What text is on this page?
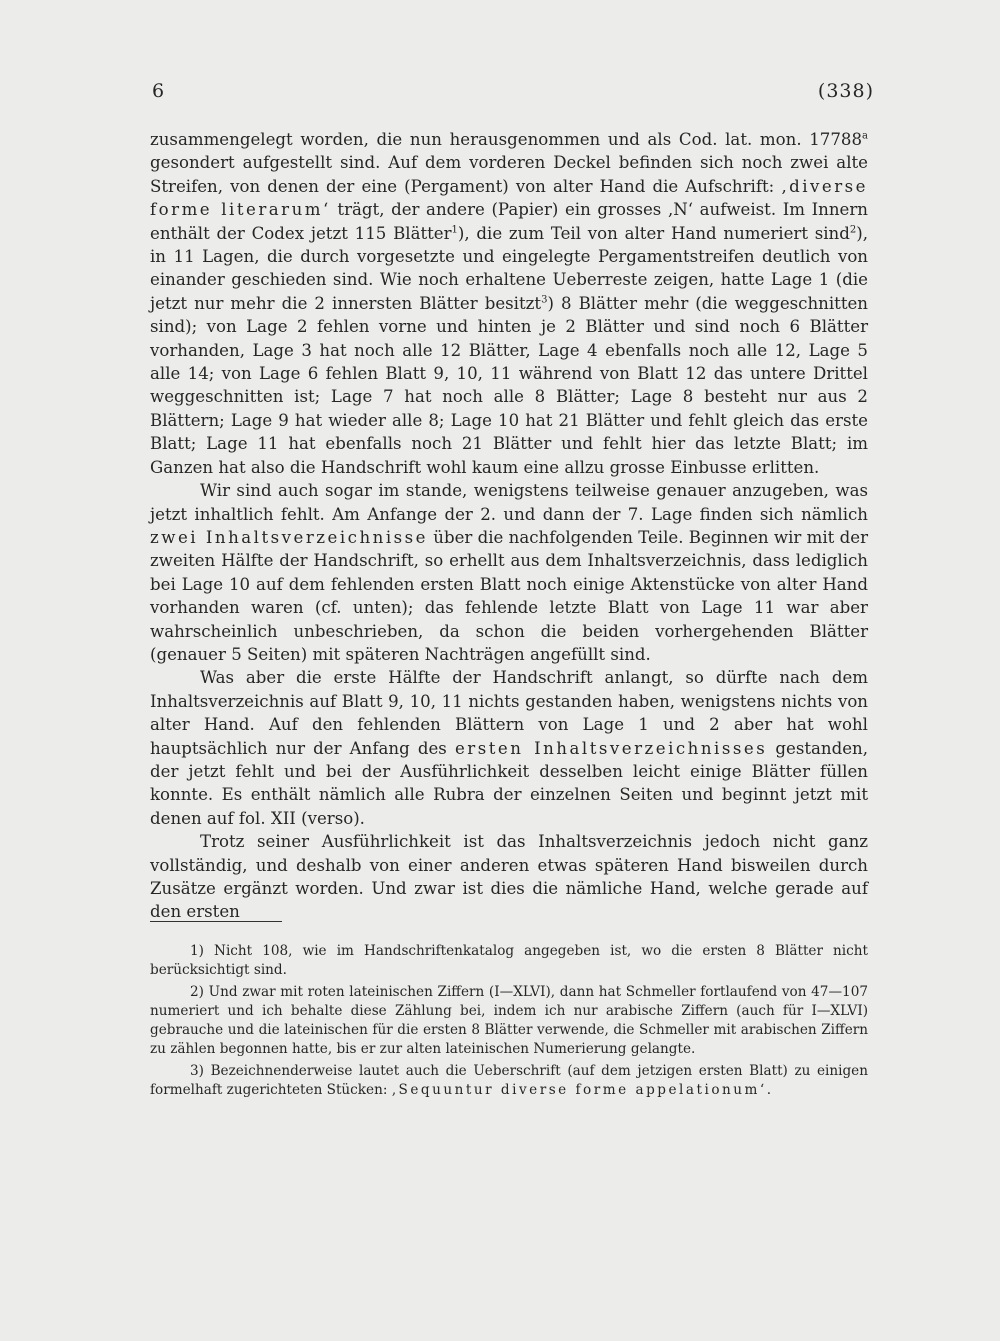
6	(338)

zusammengelegt worden, die nun herausgenommen und als Cod. lat. mon. 17788$^a$ gesondert aufgestellt sind. Auf dem vorderen Deckel befinden sich noch zwei alte Streifen, von denen der eine (Pergament) von alter Hand die Aufschrift: ‚diverse forme literarum‘ trägt, der andere (Papier) ein grosses ‚N‘ aufweist. Im Innern enthält der Codex jetzt 115 Blätter$^1$), die zum Teil von alter Hand numeriert sind$^2$), in 11 Lagen, die durch vorgesetzte und eingelegte Pergamentstreifen deutlich von einander geschieden sind. Wie noch erhaltene Ueberreste zeigen, hatte Lage 1 (die jetzt nur mehr die 2 innersten Blätter besitzt$^3$) 8 Blätter mehr (die weggeschnitten sind); von Lage 2 fehlen vorne und hinten je 2 Blätter und sind noch 6 Blätter vorhanden, Lage 3 hat noch alle 12 Blätter, Lage 4 ebenfalls noch alle 12, Lage 5 alle 14; von Lage 6 fehlen Blatt 9, 10, 11 während von Blatt 12 das untere Drittel weggeschnitten ist; Lage 7 hat noch alle 8 Blätter; Lage 8 besteht nur aus 2 Blättern; Lage 9 hat wieder alle 8; Lage 10 hat 21 Blätter und fehlt gleich das erste Blatt; Lage 11 hat ebenfalls noch 21 Blätter und fehlt hier das letzte Blatt; im Ganzen hat also die Handschrift wohl kaum eine allzu grosse Einbusse erlitten.

Wir sind auch sogar im stande, wenigstens teilweise genauer anzugeben, was jetzt inhaltlich fehlt. Am Anfange der 2. und dann der 7. Lage finden sich nämlich zwei Inhaltsverzeichnisse über die nachfolgenden Teile. Beginnen wir mit der zweiten Hälfte der Handschrift, so erhellt aus dem Inhaltsverzeichnis, dass lediglich bei Lage 10 auf dem fehlenden ersten Blatt noch einige Aktenstücke von alter Hand vorhanden waren (cf. unten); das fehlende letzte Blatt von Lage 11 war aber wahrscheinlich unbeschrieben, da schon die beiden vorhergehenden Blätter (genauer 5 Seiten) mit späteren Nachträgen angefüllt sind.

Was aber die erste Hälfte der Handschrift anlangt, so dürfte nach dem Inhaltsverzeichnis auf Blatt 9, 10, 11 nichts gestanden haben, wenigstens nichts von alter Hand. Auf den fehlenden Blättern von Lage 1 und 2 aber hat wohl hauptsächlich nur der Anfang des ersten Inhaltsverzeichnisses gestanden, der jetzt fehlt und bei der Ausführlichkeit desselben leicht einige Blätter füllen konnte. Es enthält nämlich alle Rubra der einzelnen Seiten und beginnt jetzt mit denen auf fol. XII (verso).

Trotz seiner Ausführlichkeit ist das Inhaltsverzeichnis jedoch nicht ganz vollständig, und deshalb von einer anderen etwas späteren Hand bisweilen durch Zusätze ergänzt worden. Und zwar ist dies die nämliche Hand, welche gerade auf den ersten

1) Nicht 108, wie im Handschriftenkatalog angegeben ist, wo die ersten 8 Blätter nicht berücksichtigt sind.

2) Und zwar mit roten lateinischen Ziffern (I—XLVI), dann hat Schmeller fortlaufend von 47—107 numeriert und ich behalte diese Zählung bei, indem ich nur arabische Ziffern (auch für I—XLVI) gebrauche und die lateinischen für die ersten 8 Blätter verwende, die Schmeller mit arabischen Ziffern zu zählen begonnen hatte, bis er zur alten lateinischen Numerierung gelangte.

3) Bezeichnenderweise lautet auch die Ueberschrift (auf dem jetzigen ersten Blatt) zu einigen formelhaft zugerichteten Stücken: ‚Sequuntur diverse forme appelationum‘.
